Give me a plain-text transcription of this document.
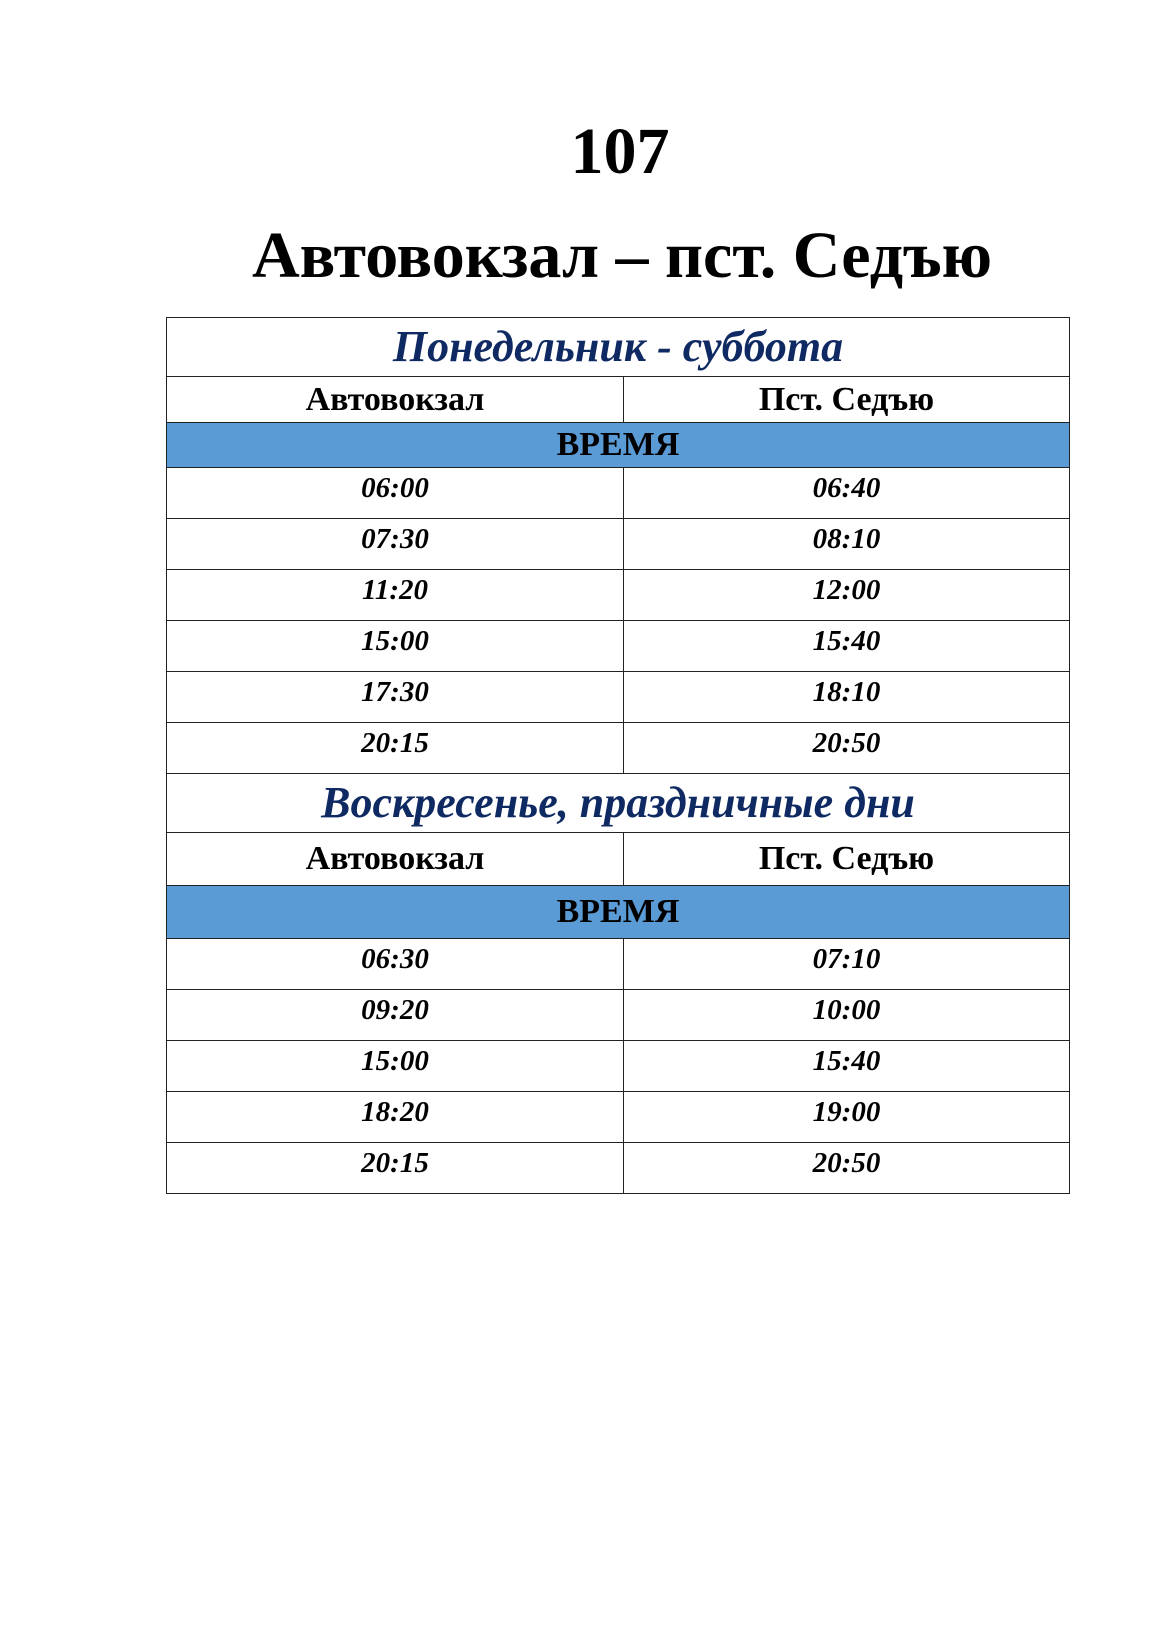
107
Автовокзал – пст. Седъю
Понедельник - суббота	
Автовокзал	Пст. Седъю
ВРЕМЯ	
06:00	06:40
07:30	08:10
11:20	12:00
15:00	15:40
17:30	18:10
20:15	20:50
Воскресенье, праздничные дни	
Автовокзал	Пст. Седъю
ВРЕМЯ	
06:30	07:10
09:20	10:00
15:00	15:40
18:20	19:00
20:15	20:50
